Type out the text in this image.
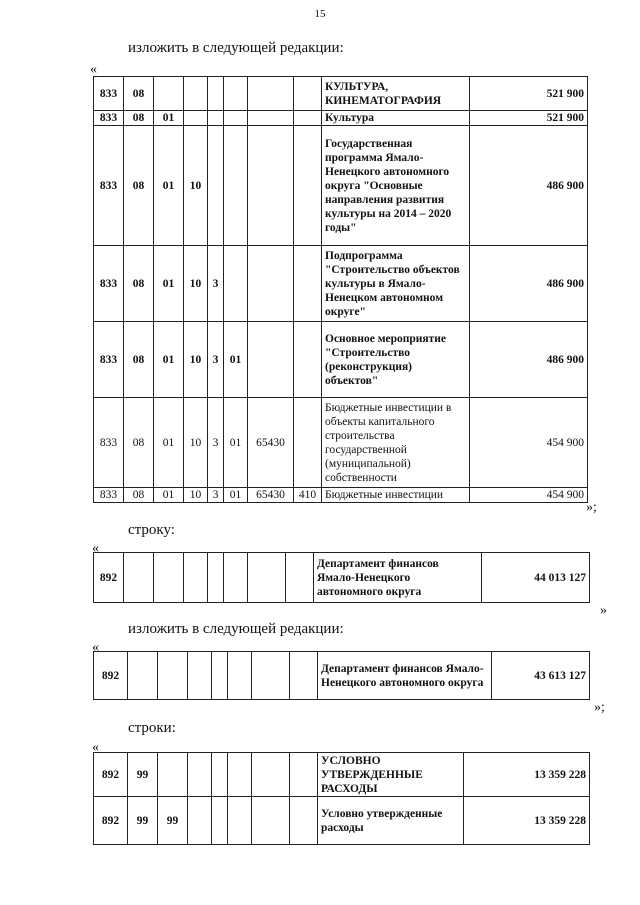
15
изложить в следующей редакции:
«
833	08							КУЛЬТУРА, КИНЕМАТОГРАФИЯ	521 900
833	08	01						Культура	521 900
833	08	01	10					Государственная программа Ямало-Ненецкого автономного округа "Основные направления развития культуры на 2014 – 2020 годы"	486 900
833	08	01	10	3				Подпрограмма "Строительство объектов культуры в Ямало-Ненецком автономном округе"	486 900
833	08	01	10	3	01			Основное мероприятие "Строительство (реконструкция) объектов"	486 900
833	08	01	10	3	01	65430		Бюджетные инвестиции в объекты капитального строительства государственной (муниципальной) собственности	454 900
833	08	01	10	3	01	65430	410	Бюджетные инвестиции	454 900
»;
строку:
«
892								Департамент финансов Ямало-Ненецкого автономного округа	44 013 127
»
изложить в следующей редакции:
«
892								Департамент финансов Ямало-Ненецкого автономного округа	43 613 127
»;
строки:
«
892	99							УСЛОВНО УТВЕРЖДЕННЫЕ РАСХОДЫ	13 359 228
892	99	99						Условно утвержденные расходы	13 359 228
